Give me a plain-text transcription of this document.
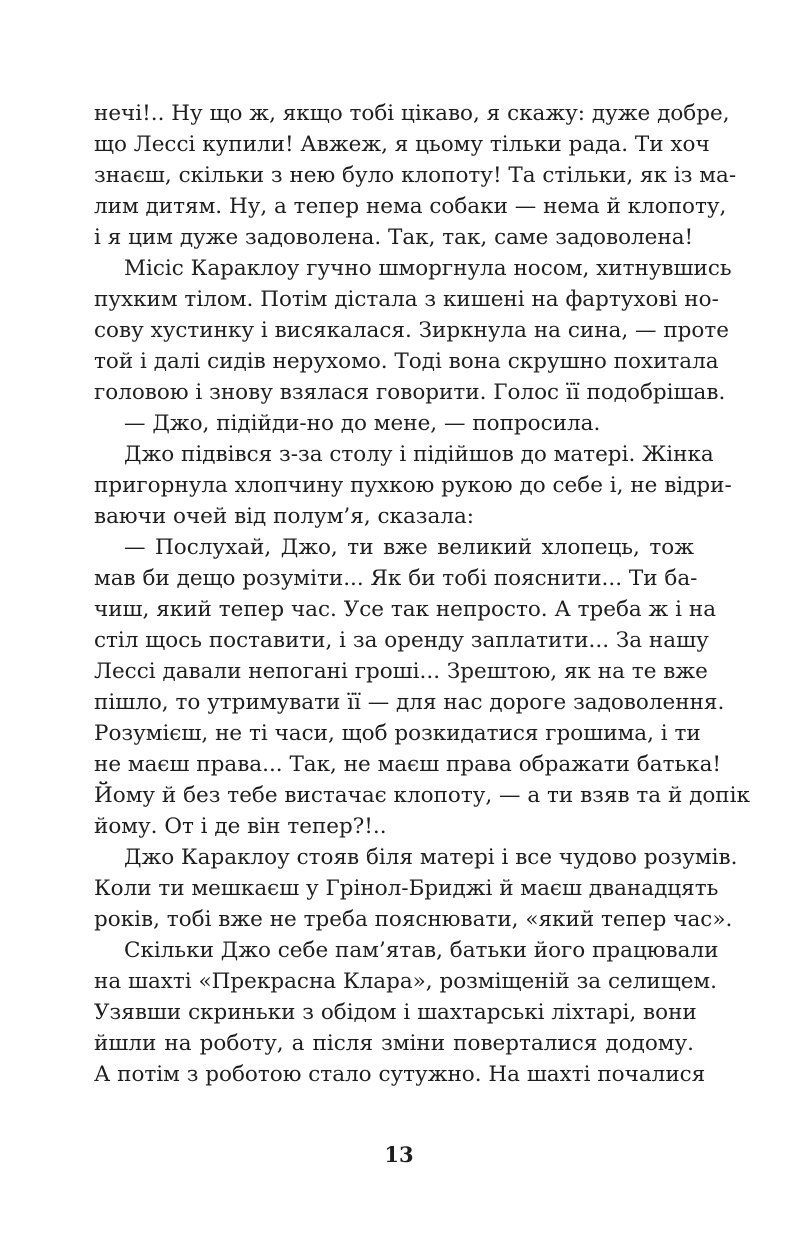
нечі!.. Ну що ж, якщо тобі цікаво, я скажу: дуже добре,
що Лессі купили! Авжеж, я цьому тільки рада. Ти хоч
знаєш, скільки з нею було клопоту! Та стільки, як із ма-
лим дитям. Ну, а тепер нема собаки — нема й клопоту,
і я цим дуже задоволена. Так, так, саме задоволена!
Місіс Караклоу гучно шморгнула носом, хитнувшись
пухким тілом. Потім дістала з кишені на фартухові но-
сову хустинку і висякалася. Зиркнула на сина, — проте
той і далі сидів нерухомо. Тоді вона скрушно похитала
головою і знову взялася говорити. Голос її подобрішав.
— Джо, підійди-но до мене, — попросила.
Джо підвівся з-за столу і підійшов до матері. Жінка
пригорнула хлопчину пухкою рукою до себе і, не відри-
ваючи очей від полум’я, сказала:
— Послухай, Джо, ти вже великий хлопець, тож
мав би дещо розуміти... Як би тобі пояснити... Ти ба-
чиш, який тепер час. Усе так непросто. А треба ж і на
стіл щось поставити, і за оренду заплатити... За нашу
Лессі давали непогані гроші... Зрештою, як на те вже
пішло, то утримувати її — для нас дороге задоволення.
Розумієш, не ті часи, щоб розкидатися грошима, і ти
не маєш права... Так, не маєш права ображати батька!
Йому й без тебе вистачає клопоту, — а ти взяв та й допік
йому. От і де він тепер?!..
Джо Караклоу стояв біля матері і все чудово розумів.
Коли ти мешкаєш у Грінол-Бриджі й маєш дванадцять
років, тобі вже не треба пояснювати, «який тепер час».
Скільки Джо себе пам’ятав, батьки його працювали
на шахті «Прекрасна Клара», розміщеній за селищем.
Узявши скриньки з обідом і шахтарські ліхтарі, вони
йшли на роботу, а після зміни поверталися додому.
А потім з роботою стало сутужно. На шахті почалися
13
